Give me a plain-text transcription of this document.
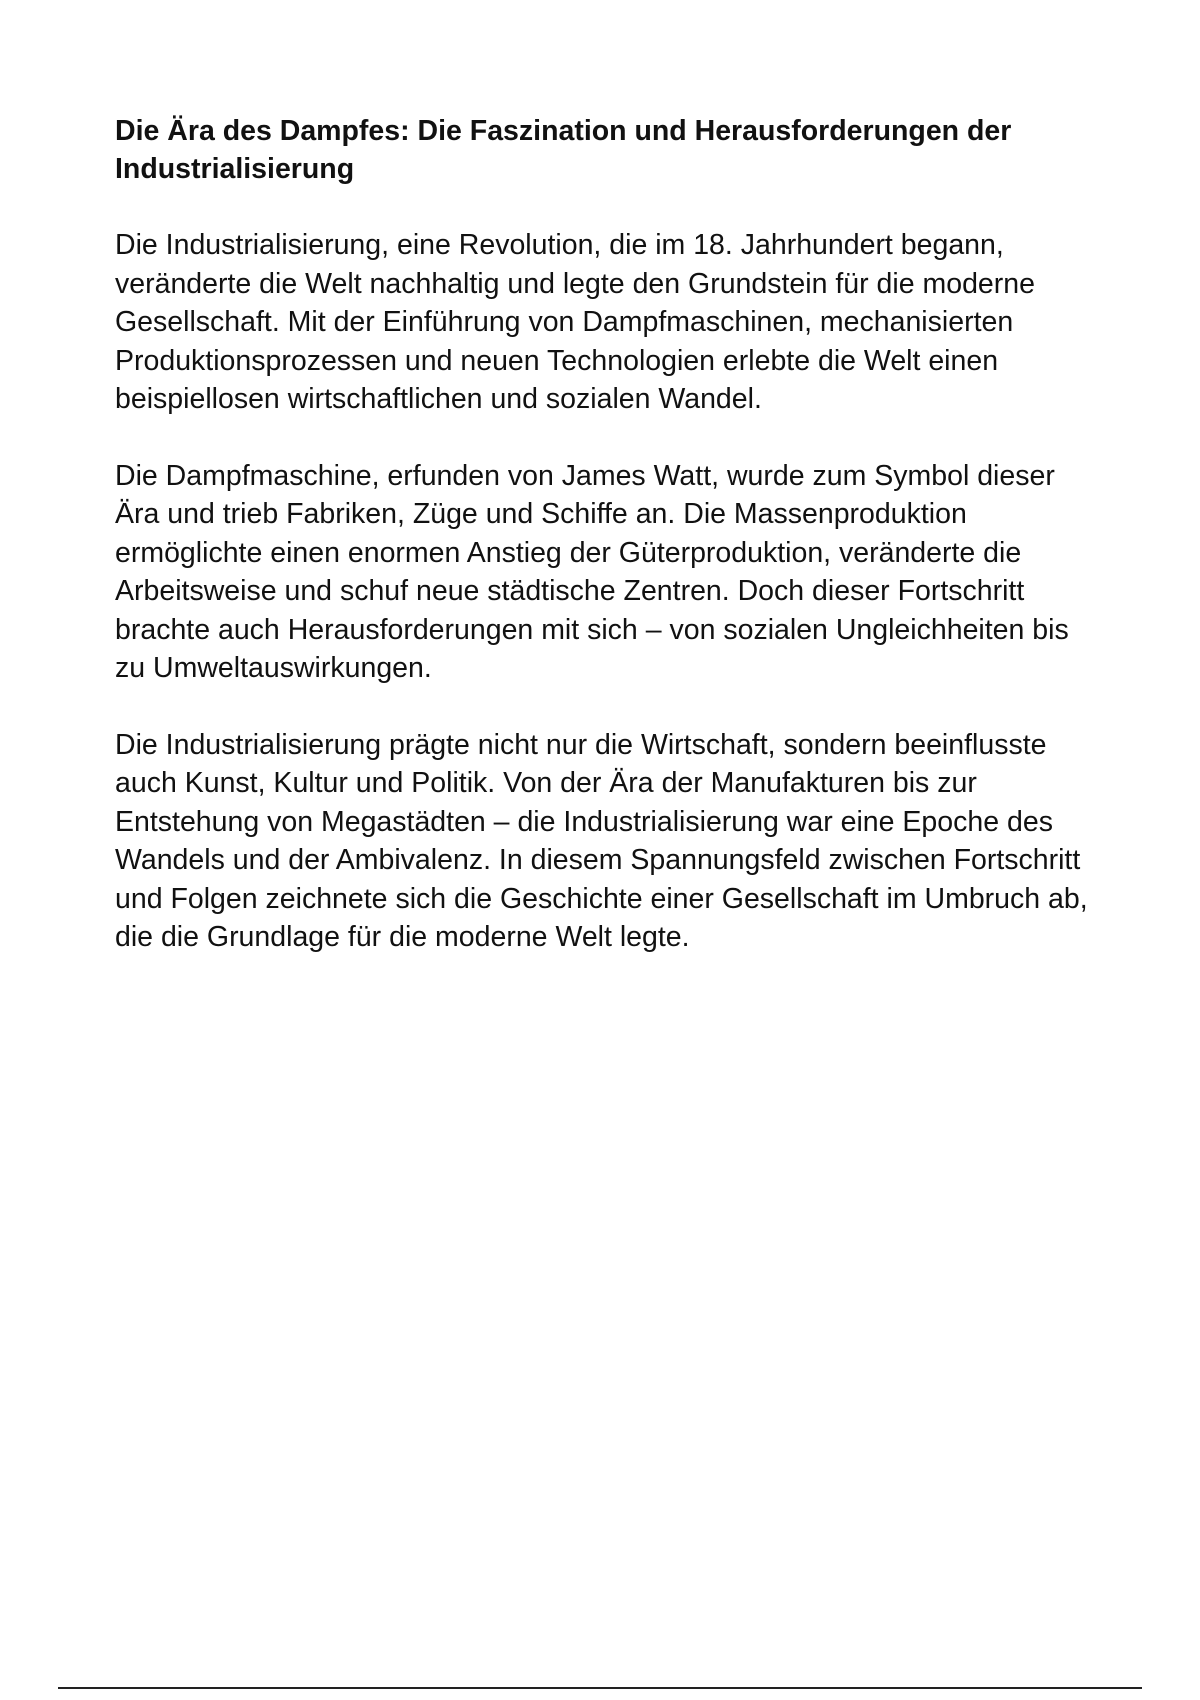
Die Ära des Dampfes: Die Faszination und Herausforderungen der Industrialisierung

Die Industrialisierung, eine Revolution, die im 18. Jahrhundert begann, veränderte die Welt nachhaltig und legte den Grundstein für die moderne Gesellschaft. Mit der Einführung von Dampfmaschinen, mechanisierten Produktionsprozessen und neuen Technologien erlebte die Welt einen beispiellosen wirtschaftlichen und sozialen Wandel.

Die Dampfmaschine, erfunden von James Watt, wurde zum Symbol dieser Ära und trieb Fabriken, Züge und Schiffe an. Die Massenproduktion ermöglichte einen enormen Anstieg der Güterproduktion, veränderte die Arbeitsweise und schuf neue städtische Zentren. Doch dieser Fortschritt brachte auch Herausforderungen mit sich – von sozialen Ungleichheiten bis zu Umweltauswirkungen.

Die Industrialisierung prägte nicht nur die Wirtschaft, sondern beeinflusste auch Kunst, Kultur und Politik. Von der Ära der Manufakturen bis zur Entstehung von Megastädten – die Industrialisierung war eine Epoche des Wandels und der Ambivalenz. In diesem Spannungsfeld zwischen Fortschritt und Folgen zeichnete sich die Geschichte einer Gesellschaft im Umbruch ab, die die Grundlage für die moderne Welt legte.
